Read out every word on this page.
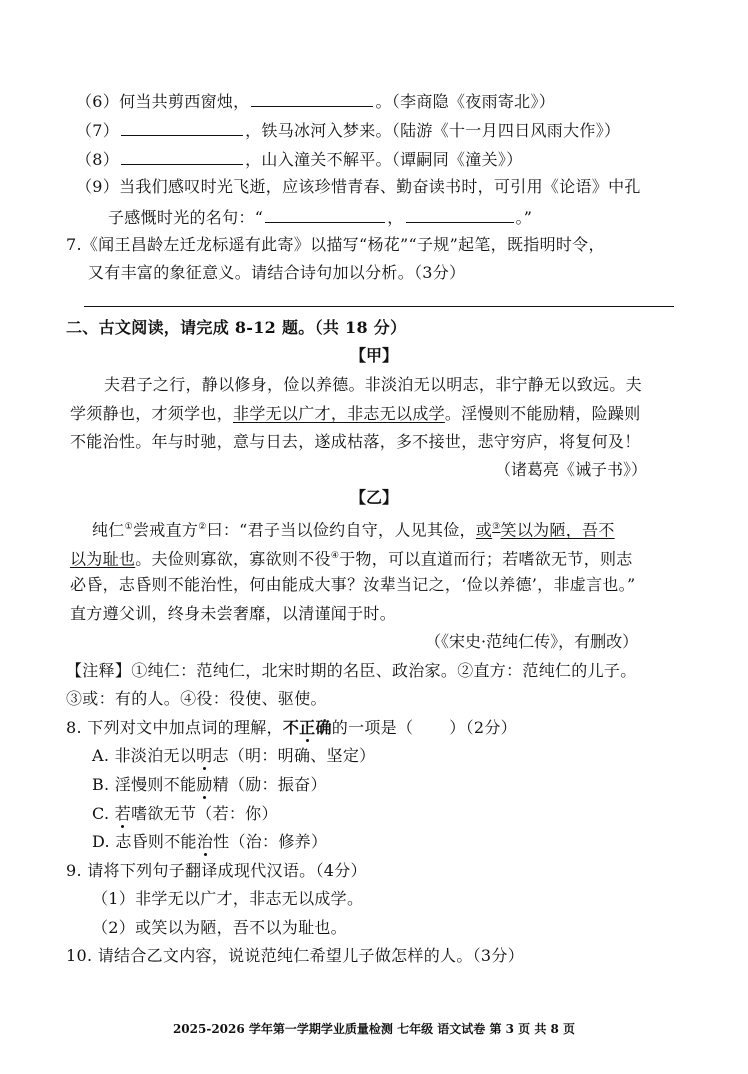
（6）何当共剪西窗烛，	。（李商隐《夜雨寄北》）
（7）	，铁马冰河入梦来。（陆游《十一月四日风雨大作》）
（8）	，山入潼关不解平。（谭嗣同《潼关》）
（9）当我们感叹时光飞逝，应该珍惜青春、勤奋读书时，可引用《论语》中孔
子感慨时光的名句：“	，	。”
7.《闻王昌龄左迁龙标遥有此寄》以描写“杨花”“子规”起笔，既指明时令，
又有丰富的象征意义。请结合诗句加以分析。（3分）
二、古文阅读，请完成 8-12 题。（共 18 分）
【甲】
夫君子之行，静以修身，俭以养德。非淡泊无以明志，非宁静无以致远。夫
学须静也，才须学也，非学无以广才，非志无以成学。淫慢则不能励精，险躁则
不能治性。年与时驰，意与日去，遂成枯落，多不接世，悲守穷庐，将复何及！
（诸葛亮《诫子书》）
【乙】
纯仁①尝戒直方②曰：“君子当以俭约自守，人见其俭，或③笑以为陋，吾不
以为耻也。夫俭则寡欲，寡欲则不役④于物，可以直道而行；若嗜欲无节，则志
必昏，志昏则不能治性，何由能成大事？汝辈当记之，‘俭以养德’，非虚言也。”
直方遵父训，终身未尝奢靡，以清谨闻于时。
（《宋史·范纯仁传》，有删改）
【注释】①纯仁：范纯仁，北宋时期的名臣、政治家。②直方：范纯仁的儿子。
③或：有的人。④役：役使、驱使。
8. 下列对文中加点词的理解，不正确的一项是（ ）（2分）
A. 非淡泊无以明志（明：明确、坚定）
B. 淫慢则不能励精（励：振奋）
C. 若嗜欲无节（若：你）
D. 志昏则不能治性（治：修养）
9. 请将下列句子翻译成现代汉语。（4分）
（1）非学无以广才，非志无以成学。
（2）或笑以为陋，吾不以为耻也。
10. 请结合乙文内容，说说范纯仁希望儿子做怎样的人。（3分）
2025-2026 学年第一学期学业质量检测 七年级 语文试卷 第 3 页 共 8 页
